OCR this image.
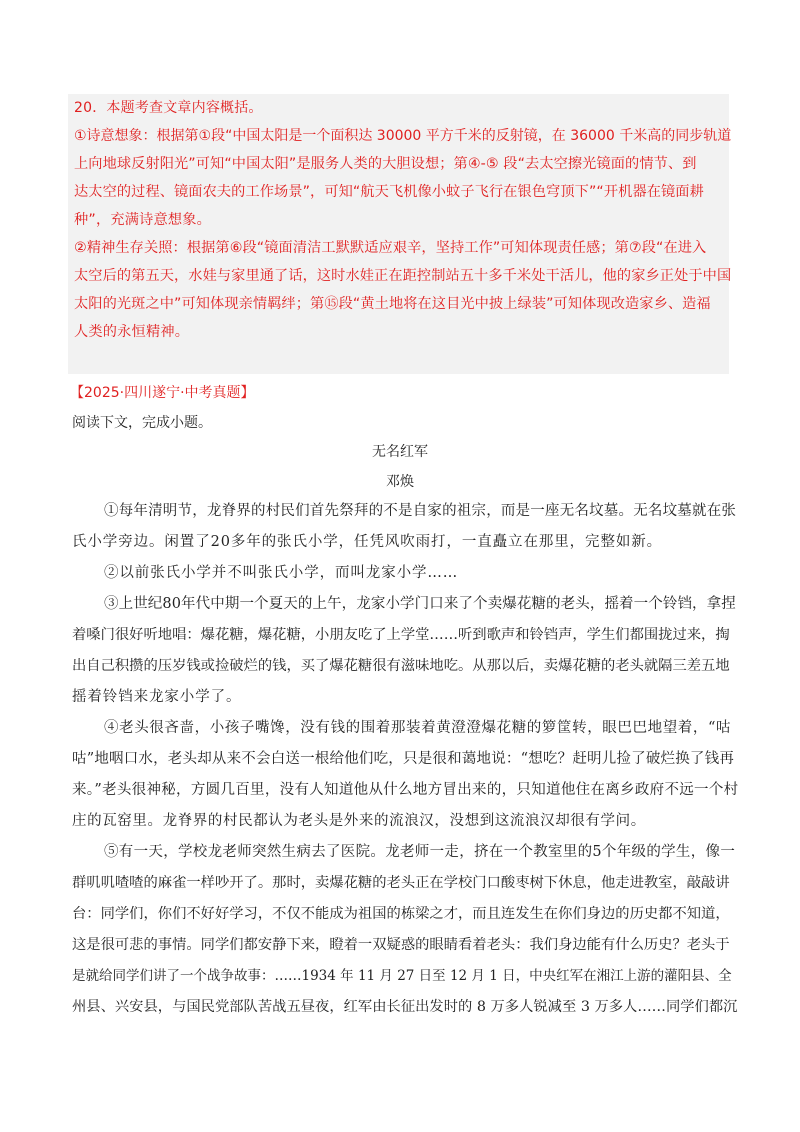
20．本题考查文章内容概括。
①诗意想象：根据第①段“中国太阳是一个面积达 30000 平方千米的反射镜，在 36000 千米高的同步轨道
上向地球反射阳光”可知“中国太阳”是服务人类的大胆设想；第④-⑤ 段“去太空擦光镜面的情节、到
达太空的过程、镜面农夫的工作场景”，可知“航天飞机像小蚊子飞行在银色穹顶下”“开机器在镜面耕
种”，充满诗意想象。
②精神生存关照：根据第⑥段“镜面清洁工默默适应艰辛，坚持工作”可知体现责任感；第⑦段“在进入
太空后的第五天，水娃与家里通了话，这时水娃正在距控制站五十多千米处干活儿，他的家乡正处于中国
太阳的光斑之中”可知体现亲情羁绊；第⑮段“黄土地将在这目光中披上绿装”可知体现改造家乡、造福
人类的永恒精神。
【2025·四川遂宁·中考真题】
阅读下文，完成小题。
无名红军
邓焕
①每年清明节，龙脊界的村民们首先祭拜的不是自家的祖宗，而是一座无名坟墓。无名坟墓就在张
氏小学旁边。闲置了20多年的张氏小学，任凭风吹雨打，一直矗立在那里，完整如新。
②以前张氏小学并不叫张氏小学，而叫龙家小学……
③上世纪80年代中期一个夏天的上午，龙家小学门口来了个卖爆花糖的老头，摇着一个铃铛，拿捏
着嗓门很好听地唱：爆花糖，爆花糖，小朋友吃了上学堂……听到歌声和铃铛声，学生们都围拢过来，掏
出自己积攒的压岁钱或捡破烂的钱，买了爆花糖很有滋味地吃。从那以后，卖爆花糖的老头就隔三差五地
摇着铃铛来龙家小学了。
④老头很吝啬，小孩子嘴馋，没有钱的围着那装着黄澄澄爆花糖的箩筐转，眼巴巴地望着，“咕
咕”地咽口水，老头却从来不会白送一根给他们吃，只是很和蔼地说：“想吃？赶明儿捡了破烂换了钱再
来。”老头很神秘，方圆几百里，没有人知道他从什么地方冒出来的，只知道他住在离乡政府不远一个村
庄的瓦窑里。龙脊界的村民都认为老头是外来的流浪汉，没想到这流浪汉却很有学问。
⑤有一天，学校龙老师突然生病去了医院。龙老师一走，挤在一个教室里的5个年级的学生，像一
群叽叽喳喳的麻雀一样吵开了。那时，卖爆花糖的老头正在学校门口酸枣树下休息，他走进教室，敲敲讲
台：同学们，你们不好好学习，不仅不能成为祖国的栋梁之才，而且连发生在你们身边的历史都不知道，
这是很可悲的事情。同学们都安静下来，瞪着一双疑惑的眼睛看着老头：我们身边能有什么历史？老头于
是就给同学们讲了一个战争故事：……1934 年 11 月 27 日至 12 月 1 日，中央红军在湘江上游的灌阳县、全
州县、兴安县，与国民党部队苦战五昼夜，红军由长征出发时的 8 万多人锐减至 3 万多人……同学们都沉
